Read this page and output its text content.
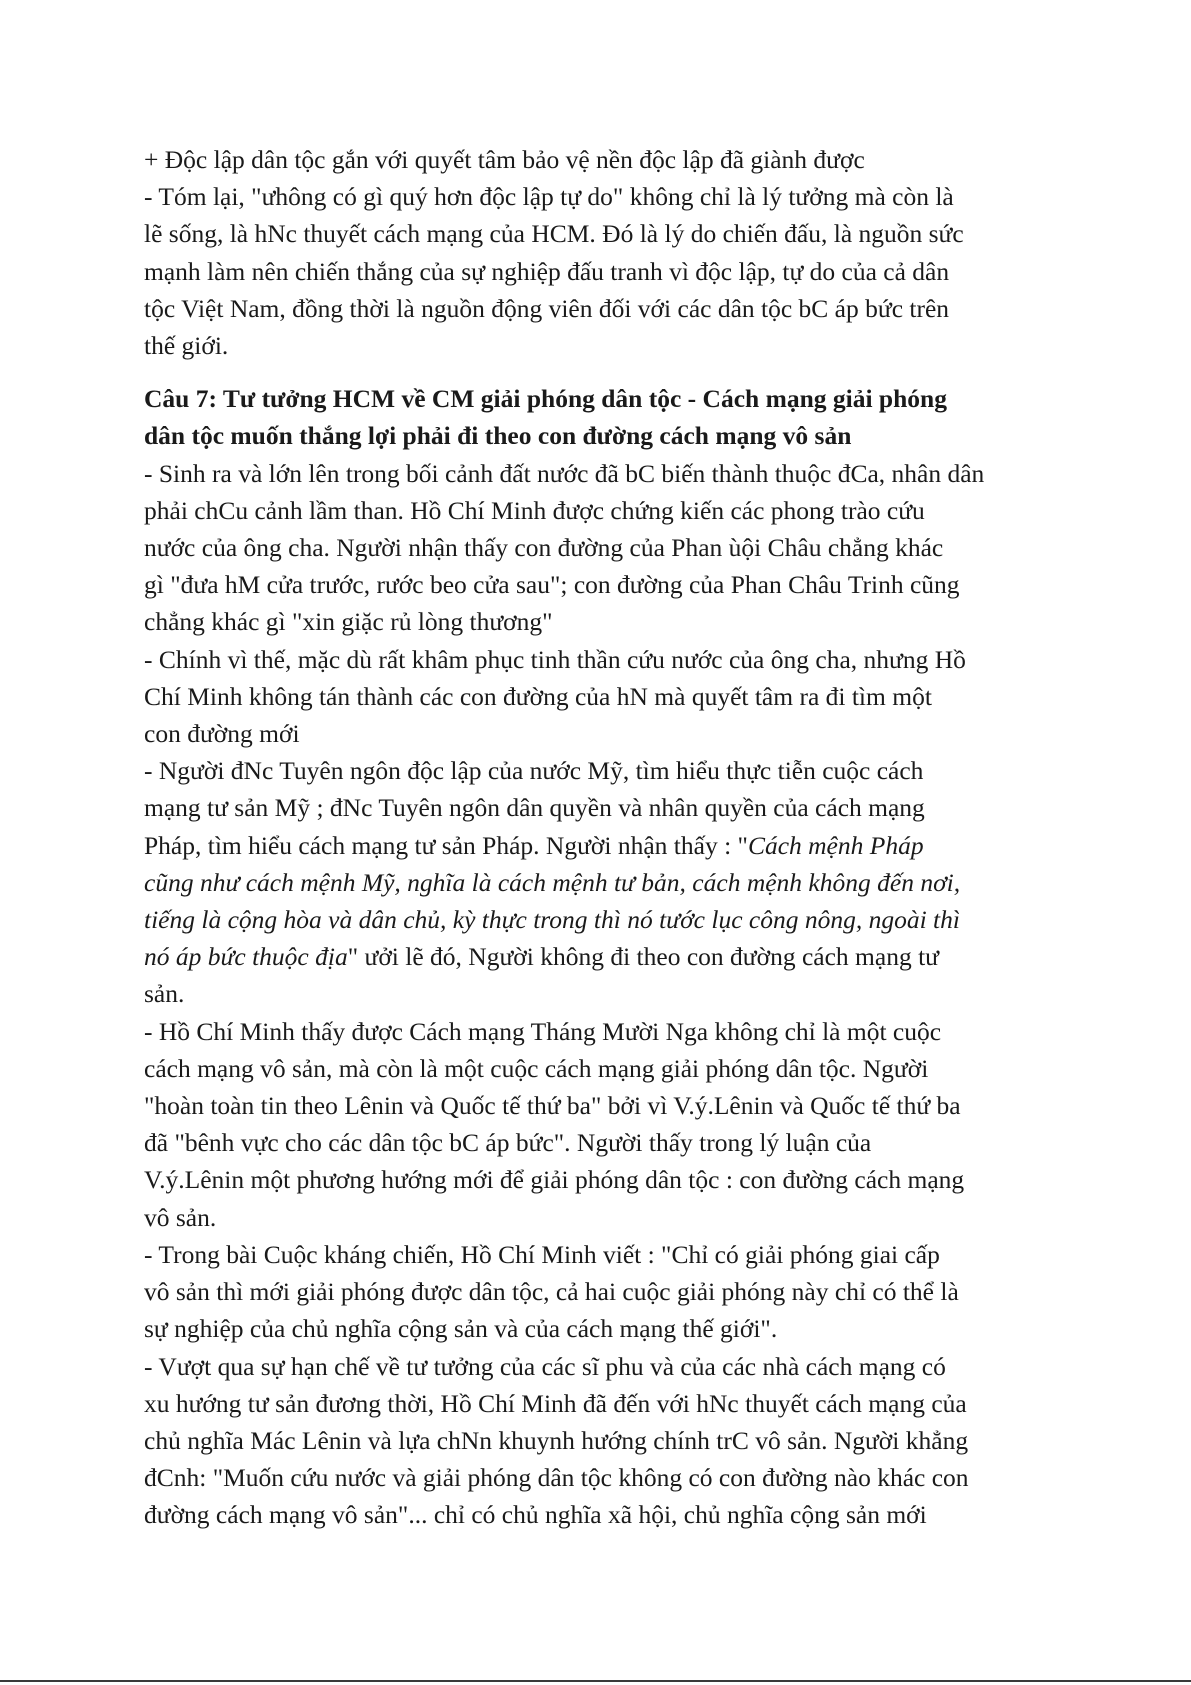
+ Độc lập dân tộc gắn với quyết tâm bảo vệ nền độc lập đã giành được

- Tóm lại, "ưhông có gì quý hơn độc lập tự do" không chỉ là lý tưởng mà còn là

lẽ sống, là hNc thuyết cách mạng của HCM. Đó là lý do chiến đấu, là nguồn sức

mạnh làm nên chiến thắng của sự nghiệp đấu tranh vì độc lập, tự do của cả dân

tộc Việt Nam, đồng thời là nguồn động viên đối với các dân tộc bC áp bức trên

thế giới.

Câu 7: Tư tưởng HCM về CM giải phóng dân tộc - Cách mạng giải phóng

dân tộc muốn thắng lợi phải đi theo con đường cách mạng vô sản

- Sinh ra và lớn lên trong bối cảnh đất nước đã bC biến thành thuộc đCa, nhân dân

phải chCu cảnh lầm than. Hồ Chí Minh được chứng kiến các phong trào cứu

nước của ông cha. Người nhận thấy con đường của Phan ùội Châu chẳng khác

gì "đưa hM cửa trước, rước beo cửa sau"; con đường của Phan Châu Trinh cũng

chẳng khác gì "xin giặc rủ lòng thương"

- Chính vì thế, mặc dù rất khâm phục tinh thần cứu nước của ông cha, nhưng Hồ

Chí Minh không tán thành các con đường của hN mà quyết tâm ra đi tìm một

con đường mới

- Người đNc Tuyên ngôn độc lập của nước Mỹ, tìm hiểu thực tiễn cuộc cách

mạng tư sản Mỹ ; đNc Tuyên ngôn dân quyền và nhân quyền của cách mạng

Pháp, tìm hiểu cách mạng tư sản Pháp. Người nhận thấy : "Cách mệnh Pháp

cũng như cách mệnh Mỹ, nghĩa là cách mệnh tư bản, cách mệnh không đến nơi,

tiếng là cộng hòa và dân chủ, kỳ thực trong thì nó tước lục công nông, ngoài thì

nó áp bức thuộc địa" ưởi lẽ đó, Người không đi theo con đường cách mạng tư

sản.

- Hồ Chí Minh thấy được Cách mạng Tháng Mười Nga không chỉ là một cuộc

cách mạng vô sản, mà còn là một cuộc cách mạng giải phóng dân tộc. Người

"hoàn toàn tin theo Lênin và Quốc tế thứ ba" bởi vì V.ý.Lênin và Quốc tế thứ ba

đã "bênh vực cho các dân tộc bC áp bức". Người thấy trong lý luận của

V.ý.Lênin một phương hướng mới để giải phóng dân tộc : con đường cách mạng

vô sản.

- Trong bài Cuộc kháng chiến, Hồ Chí Minh viết : "Chỉ có giải phóng giai cấp

vô sản thì mới giải phóng được dân tộc, cả hai cuộc giải phóng này chỉ có thể là

sự nghiệp của chủ nghĩa cộng sản và của cách mạng thế giới".

- Vượt qua sự hạn chế về tư tưởng của các sĩ phu và của các nhà cách mạng có

xu hướng tư sản đương thời, Hồ Chí Minh đã đến với hNc thuyết cách mạng của

chủ nghĩa Mác Lênin và lựa chNn khuynh hướng chính trC vô sản. Người khẳng

đCnh: "Muốn cứu nước và giải phóng dân tộc không có con đường nào khác con

đường cách mạng vô sản"... chỉ có chủ nghĩa xã hội, chủ nghĩa cộng sản mới
